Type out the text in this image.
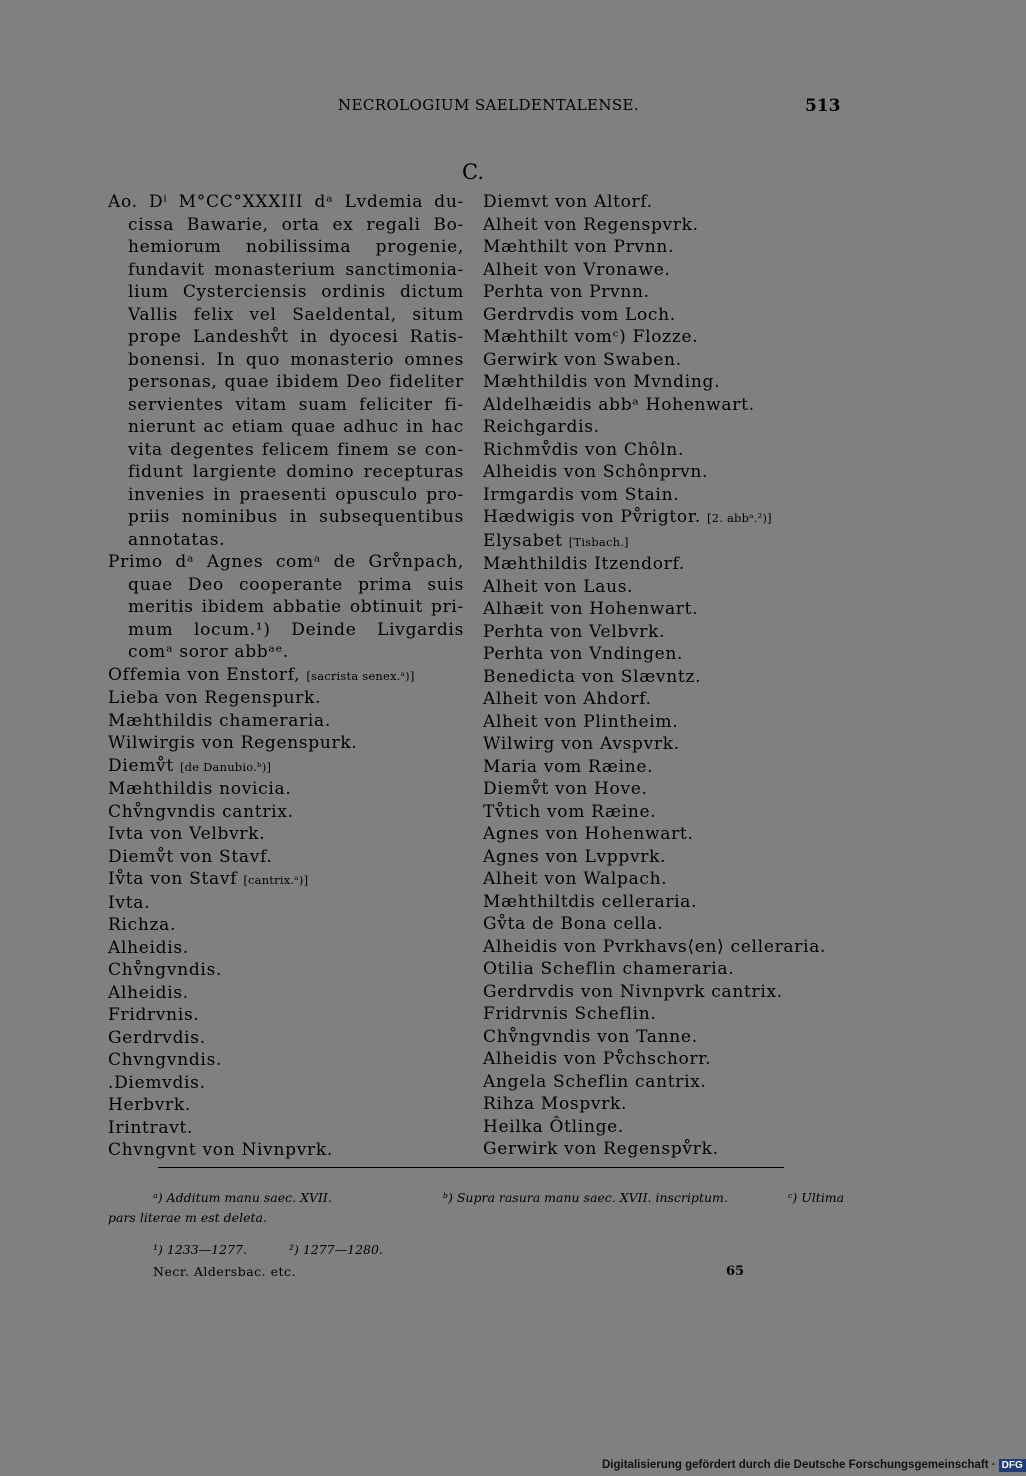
NECROLOGIUM SAELDENTALENSE.	513
C.
Ao. Dⁱ M°CC°XXXIII dᵃ Lvdemia du-
cissa Bawarie, orta ex regali Bo-
hemiorum nobilissima progenie,
fundavit monasterium sanctimonia-
lium Cysterciensis ordinis dictum
Vallis felix vel Saeldental, situm
prope Landeshv̊t in dyocesi Ratis-
bonensi. In quo monasterio omnes
personas, quae ibidem Deo fideliter
servientes vitam suam feliciter fi-
nierunt ac etiam quae adhuc in hac
vita degentes felicem finem se con-
fidunt largiente domino recepturas
invenies in praesenti opusculo pro-
priis nominibus in subsequentibus
annotatas.
Primo dᵃ Agnes comᵃ de Grv̊npach,
quae Deo cooperante prima suis
meritis ibidem abbatie obtinuit pri-
mum locum.¹) Deinde Livgardis
comᵃ soror abbᵃᵉ.
Offemia von Enstorf, [sacrista senex.ᵃ)]
Lieba von Regenspurk.
Mæhthildis chameraria.
Wilwirgis von Regenspurk.
Diemv̊t [de Danubio.ᵇ)]
Mæhthildis novicia.
Chv̊ngvndis cantrix.
Ivta von Velbvrk.
Diemv̊t von Stavf.
Iv̊ta von Stavf [cantrix.ᵃ)]
Ivta.
Richza.
Alheidis.
Chv̊ngvndis.
Alheidis.
Fridrvnis.
Gerdrvdis.
Chvngvndis.
.Diemvdis.
Herbvrk.
Irintravt.
Chvngvnt von Nivnpvrk.
Diemvt von Altorf.
Alheit von Regenspvrk.
Mæhthilt von Prvnn.
Alheit von Vronawe.
Perhta von Prvnn.
Gerdrvdis vom Loch.
Mæhthilt vomᶜ) Flozze.
Gerwirk von Swaben.
Mæhthildis von Mvnding.
Aldelhæidis abbᵃ Hohenwart.
Reichgardis.
Richmv̊dis von Chôln.
Alheidis von Schônprvn.
Irmgardis vom Stain.
Hædwigis von Pv̊rigtor. [2. abbᵃ.²)]
Elysabet [Tisbach.]
Mæhthildis Itzendorf.
Alheit von Laus.
Alhæit von Hohenwart.
Perhta von Velbvrk.
Perhta von Vndingen.
Benedicta von Slævntz.
Alheit von Ahdorf.
Alheit von Plintheim.
Wilwirg von Avspvrk.
Maria vom Ræine.
Diemv̊t von Hove.
Tv̊tich vom Ræine.
Agnes von Hohenwart.
Agnes von Lvppvrk.
Alheit von Walpach.
Mæhthiltdis celleraria.
Gv̊ta de Bona cella.
Alheidis von Pvrkhavs⟨en⟩ celleraria.
Otilia Scheflin chameraria.
Gerdrvdis von Nivnpvrk cantrix.
Fridrvnis Scheflin.
Chv̊ngvndis von Tanne.
Alheidis von Pv̊chschorr.
Angela Scheflin cantrix.
Rihza Mospvrk.
Heilka Ôtlinge.
Gerwirk von Regenspv̊rk.
ᵃ) Additum manu saec. XVII.	ᵇ) Supra rasura manu saec. XVII. inscriptum.	ᶜ) Ultima
pars literae m est deleta.
¹) 1233—1277.	²) 1277—1280.
Necr. Aldersbac. etc.	65
Digitalisierung gefördert durch die Deutsche Forschungsgemeinschaft · DFG
